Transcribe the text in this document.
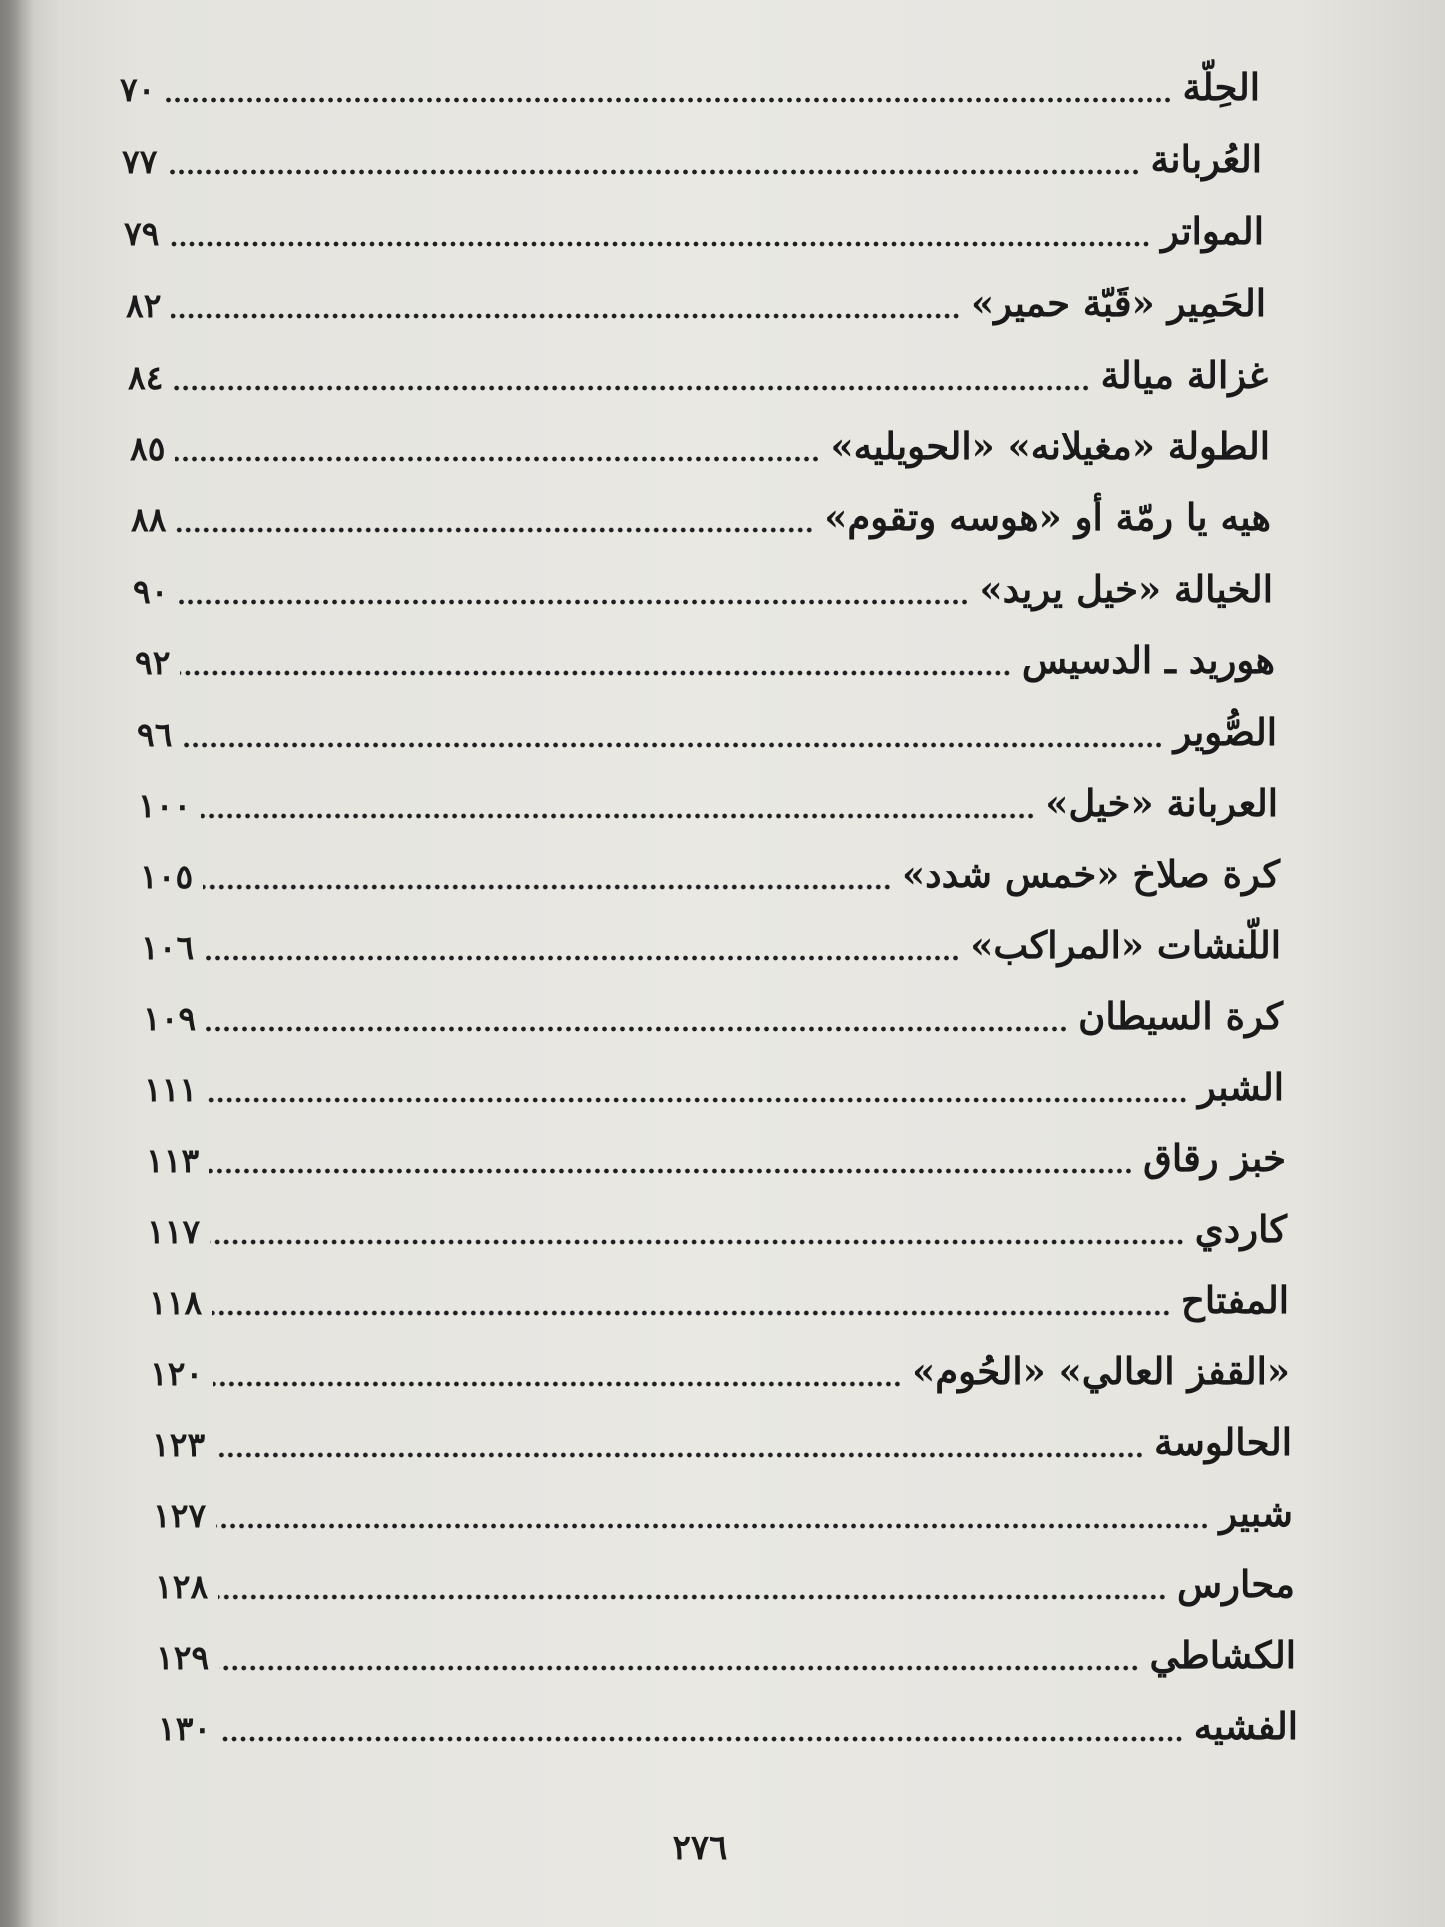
الحِلّة
٧٠
العُربانة
٧٧
المواتر
٧٩
الحَمِير «قَبّة حمير»
٨٢
غزالة ميالة
٨٤
الطولة «مغيلانه» «الحويليه»
٨٥
هيه يا رمّة أو «هوسه وتقوم»
٨٨
الخيالة «خيل يريد»
٩٠
هوريد ـ الدسيس
٩٢
الصُّوير
٩٦
العربانة «خيل»
١٠٠
كرة صلاخ «خمس شدد»
١٠٥
اللّنشات «المراكب»
١٠٦
كرة السيطان
١٠٩
الشبر
١١١
خبز رقاق
١١٣
كاردي
١١٧
المفتاح
١١٨
«القفز العالي» «الحُوم»
١٢٠
الحالوسة
١٢٣
شبير
١٢٧
محارس
١٢٨
الكشاطي
١٢٩
الفشيه
١٣٠
٢٧٦
